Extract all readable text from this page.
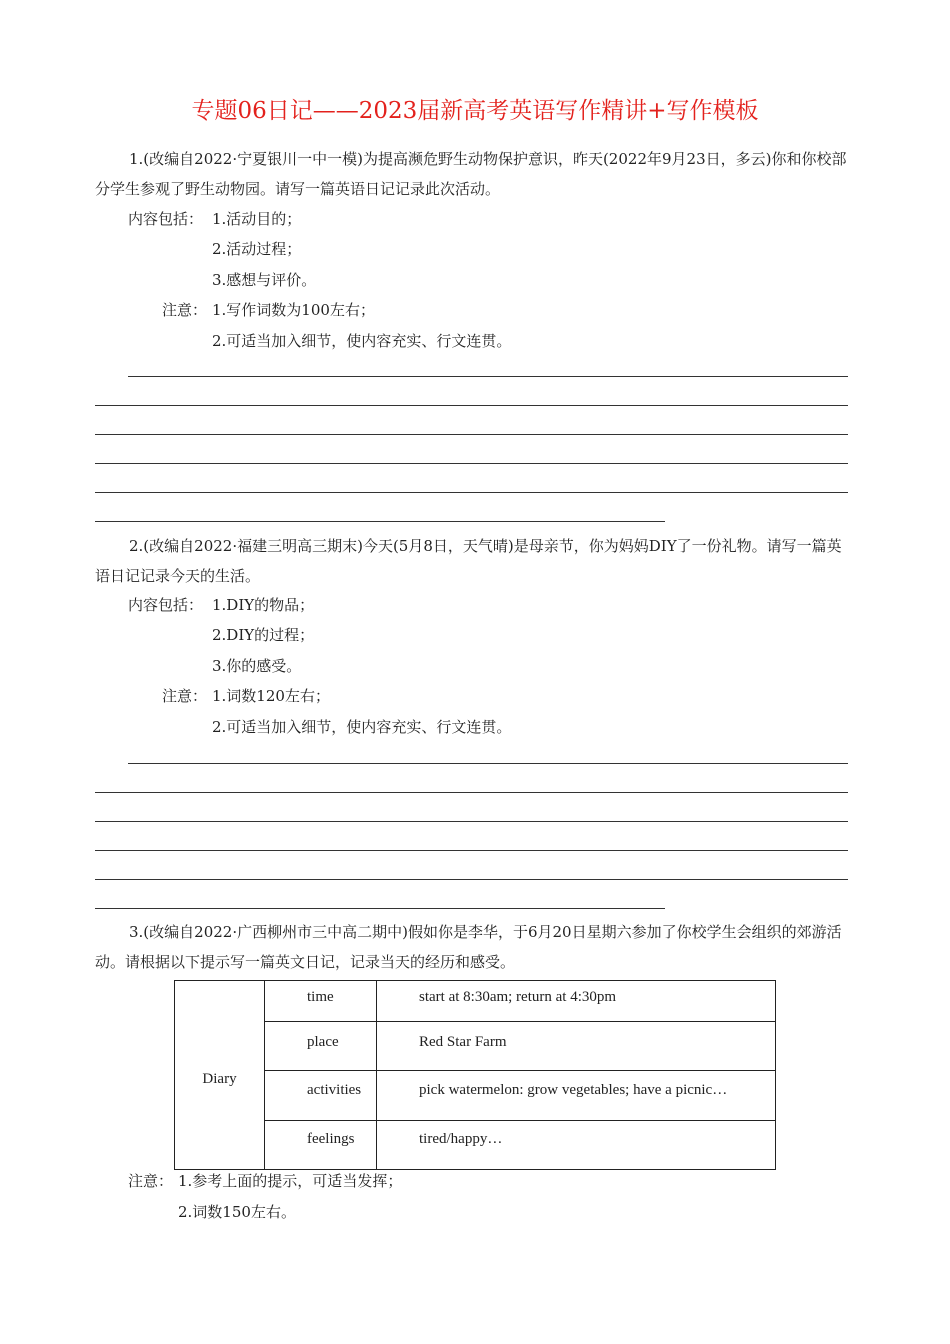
专题06日记——2023届新高考英语写作精讲+写作模板
1.(改编自2022·宁夏银川一中一模)为提高濒危野生动物保护意识，昨天(2022年9月23日，多云)你和你校部分学生参观了野生动物园。请写一篇英语日记记录此次活动。
内容包括： 1.活动目的；
2.活动过程；
3.感想与评价。
注意： 1.写作词数为100左右；
2.可适当加入细节，使内容充实、行文连贯。
2.(改编自2022·福建三明高三期末)今天(5月8日，天气晴)是母亲节，你为妈妈DIY了一份礼物。请写一篇英语日记记录今天的生活。
内容包括： 1.DIY的物品；
2.DIY的过程；
3.你的感受。
注意： 1.词数120左右；
2.可适当加入细节，使内容充实、行文连贯。
3.(改编自2022·广西柳州市三中高二期中)假如你是李华，于6月20日星期六参加了你校学生会组织的郊游活动。请根据以下提示写一篇英文日记，记录当天的经历和感受。
Diary	time	start at 8:30am; return at 4:30pm
	place	Red Star Farm
	activities	pick watermelon: grow vegetables; have a picnic…
	feelings	tired/happy…
注意： 1.参考上面的提示，可适当发挥；
2.词数150左右。
